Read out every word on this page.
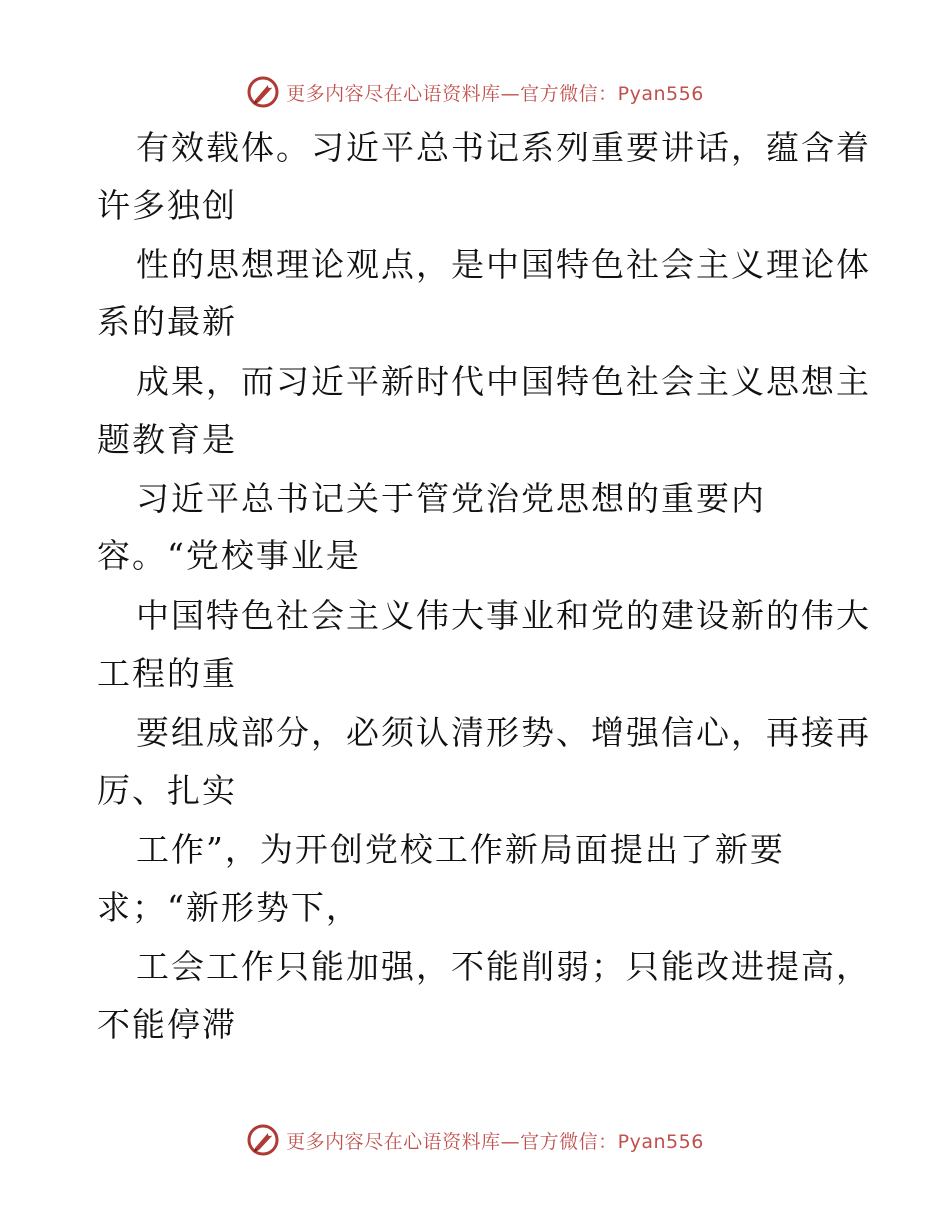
更多内容尽在心语资料库—官方微信：Pyan556
有效载体。习近平总书记系列重要讲话，蕴含着
许多独创
性的思想理论观点，是中国特色社会主义理论体
系的最新
成果，而习近平新时代中国特色社会主义思想主
题教育是
习近平总书记关于管党治党思想的重要内
容。“党校事业是
中国特色社会主义伟大事业和党的建设新的伟大
工程的重
要组成部分，必须认清形势、增强信心，再接再
厉、扎实
工作”，为开创党校工作新局面提出了新要
求；“新形势下，
工会工作只能加强，不能削弱；只能改进提高，
不能停滞
更多内容尽在心语资料库—官方微信：Pyan556
